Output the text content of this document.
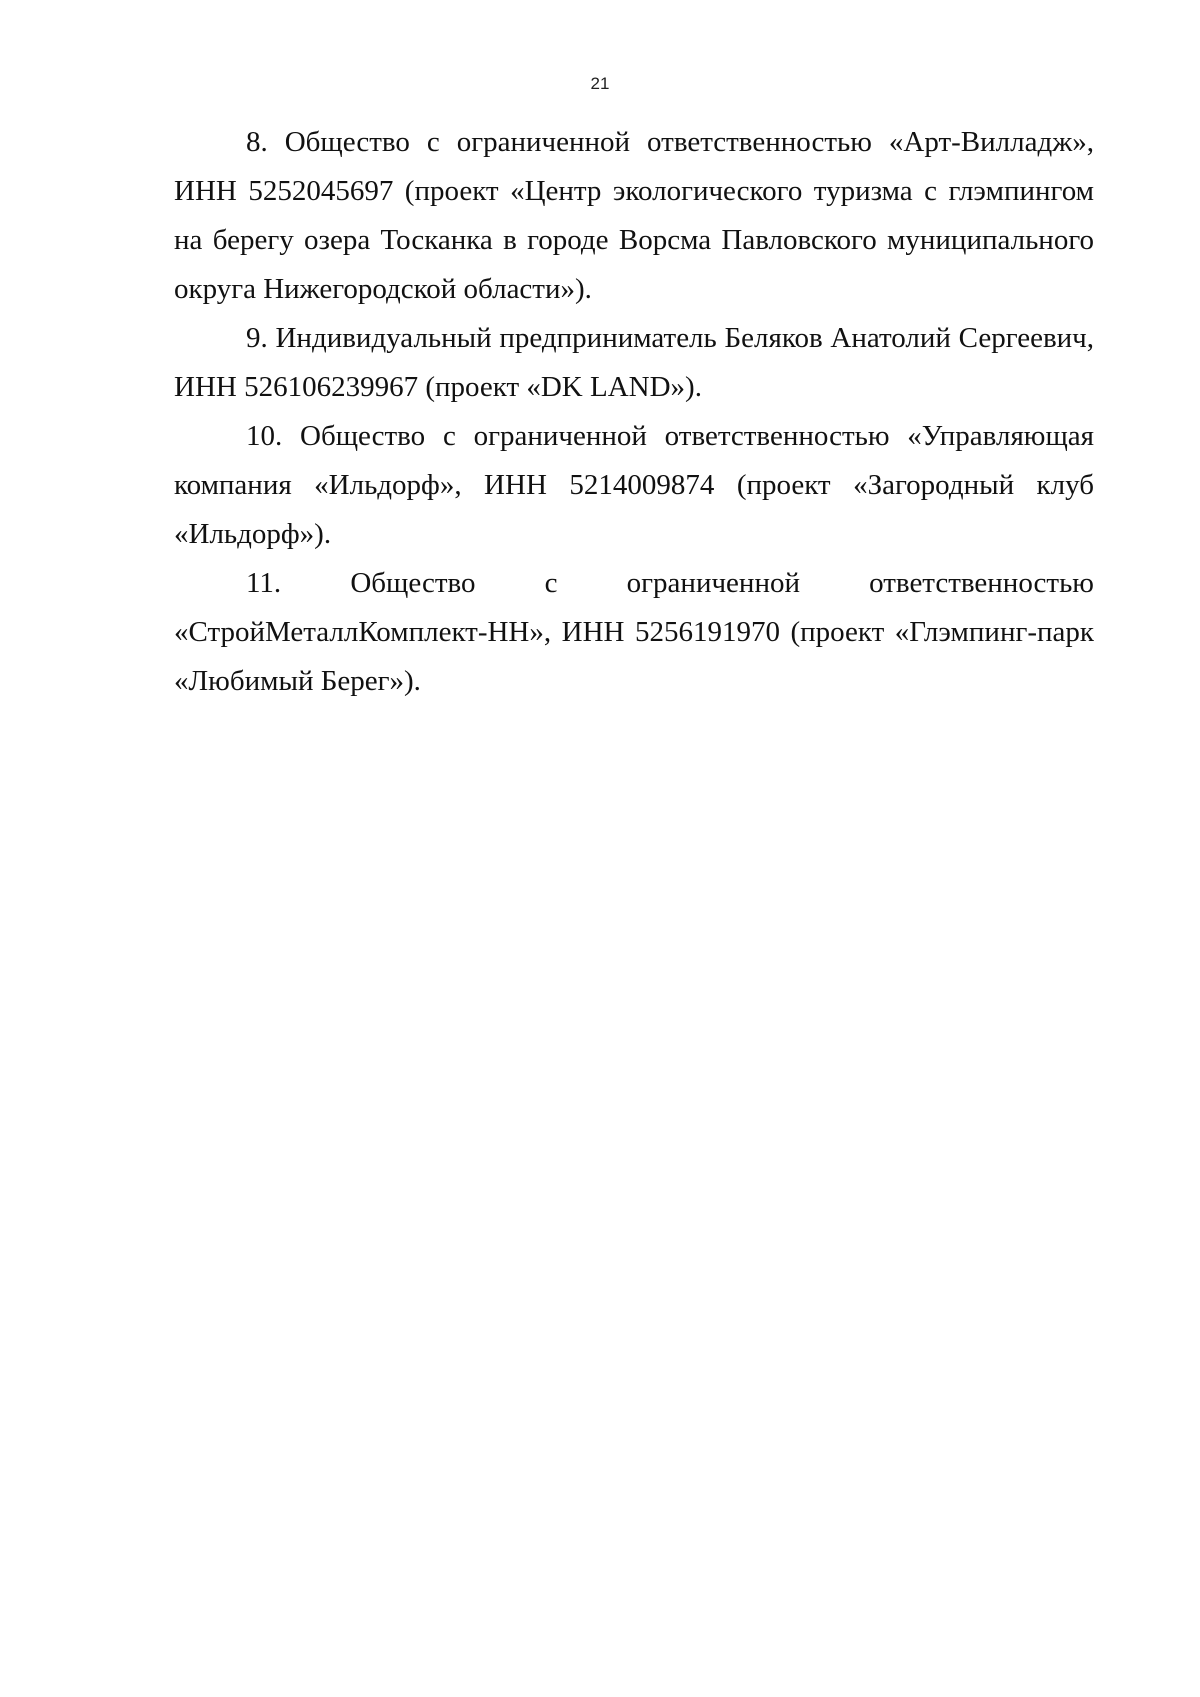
21

8. Общество с ограниченной ответственностью «Арт-Вилладж», ИНН 5252045697 (проект «Центр экологического туризма с глэмпингом на берегу озера Тосканка в городе Ворсма Павловского муниципального округа Нижегородской области»).

9. Индивидуальный предприниматель Беляков Анатолий Сергеевич, ИНН 526106239967 (проект «DK LAND»).

10. Общество с ограниченной ответственностью «Управляющая компания «Ильдорф», ИНН 5214009874 (проект «Загородный клуб «Ильдорф»).

11. Общество с ограниченной ответственностью

«СтройМеталлКомплект-НН», ИНН 5256191970 (проект «Глэмпинг-парк «Любимый Берег»).
